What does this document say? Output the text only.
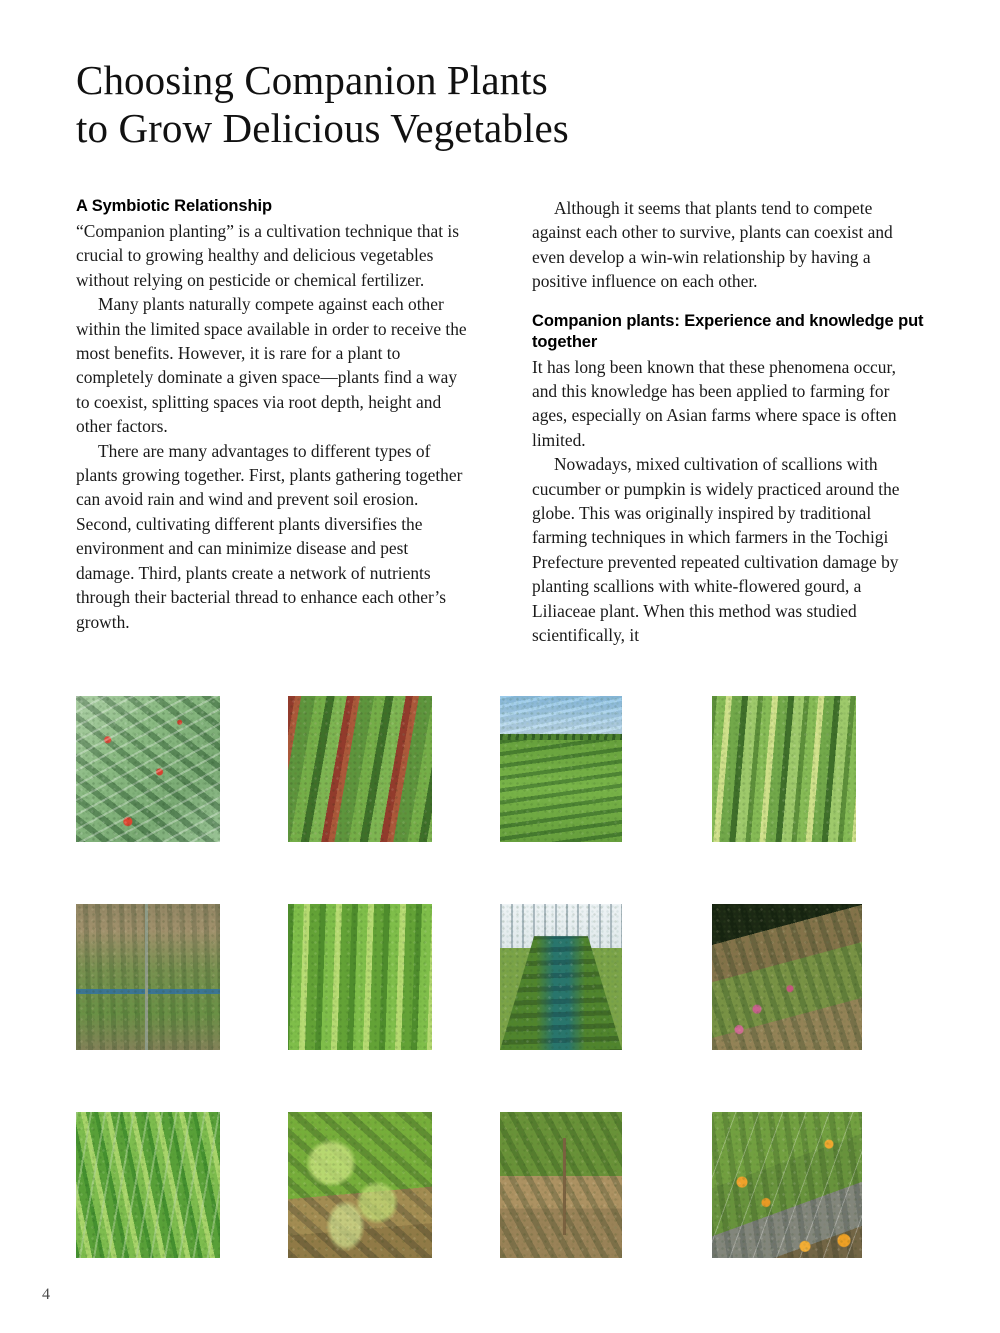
Choosing Companion Plants
to Grow Delicious Vegetables
A Symbiotic Relationship

“Companion planting” is a cultivation technique that is crucial to growing healthy and delicious vegetables without relying on pesticide or chemical fertilizer.

Many plants naturally compete against each other within the limited space available in order to receive the most benefits. However, it is rare for a plant to completely dominate a given space—plants find a way to coexist, splitting spaces via root depth, height and other factors.

There are many advantages to different types of plants growing together. First, plants gathering together can avoid rain and wind and prevent soil erosion. Second, cultivating different plants diversifies the environment and can minimize disease and pest damage. Third, plants create a network of nutrients through their bacterial thread to enhance each other’s growth.

Although it seems that plants tend to compete against each other to survive, plants can coexist and even develop a win-win relationship by having a positive influence on each other.

Companion plants: Experience and knowledge put together

It has long been known that these phenomena occur, and this knowledge has been applied to farming for ages, especially on Asian farms where space is often limited.

Nowadays, mixed cultivation of scallions with cucumber or pumpkin is widely practiced around the globe. This was originally inspired by traditional farming techniques in which farmers in the Tochigi Prefecture prevented repeated cultivation damage by planting scallions with white-flowered gourd, a Liliaceae plant. When this method was studied scientifically, it

4
